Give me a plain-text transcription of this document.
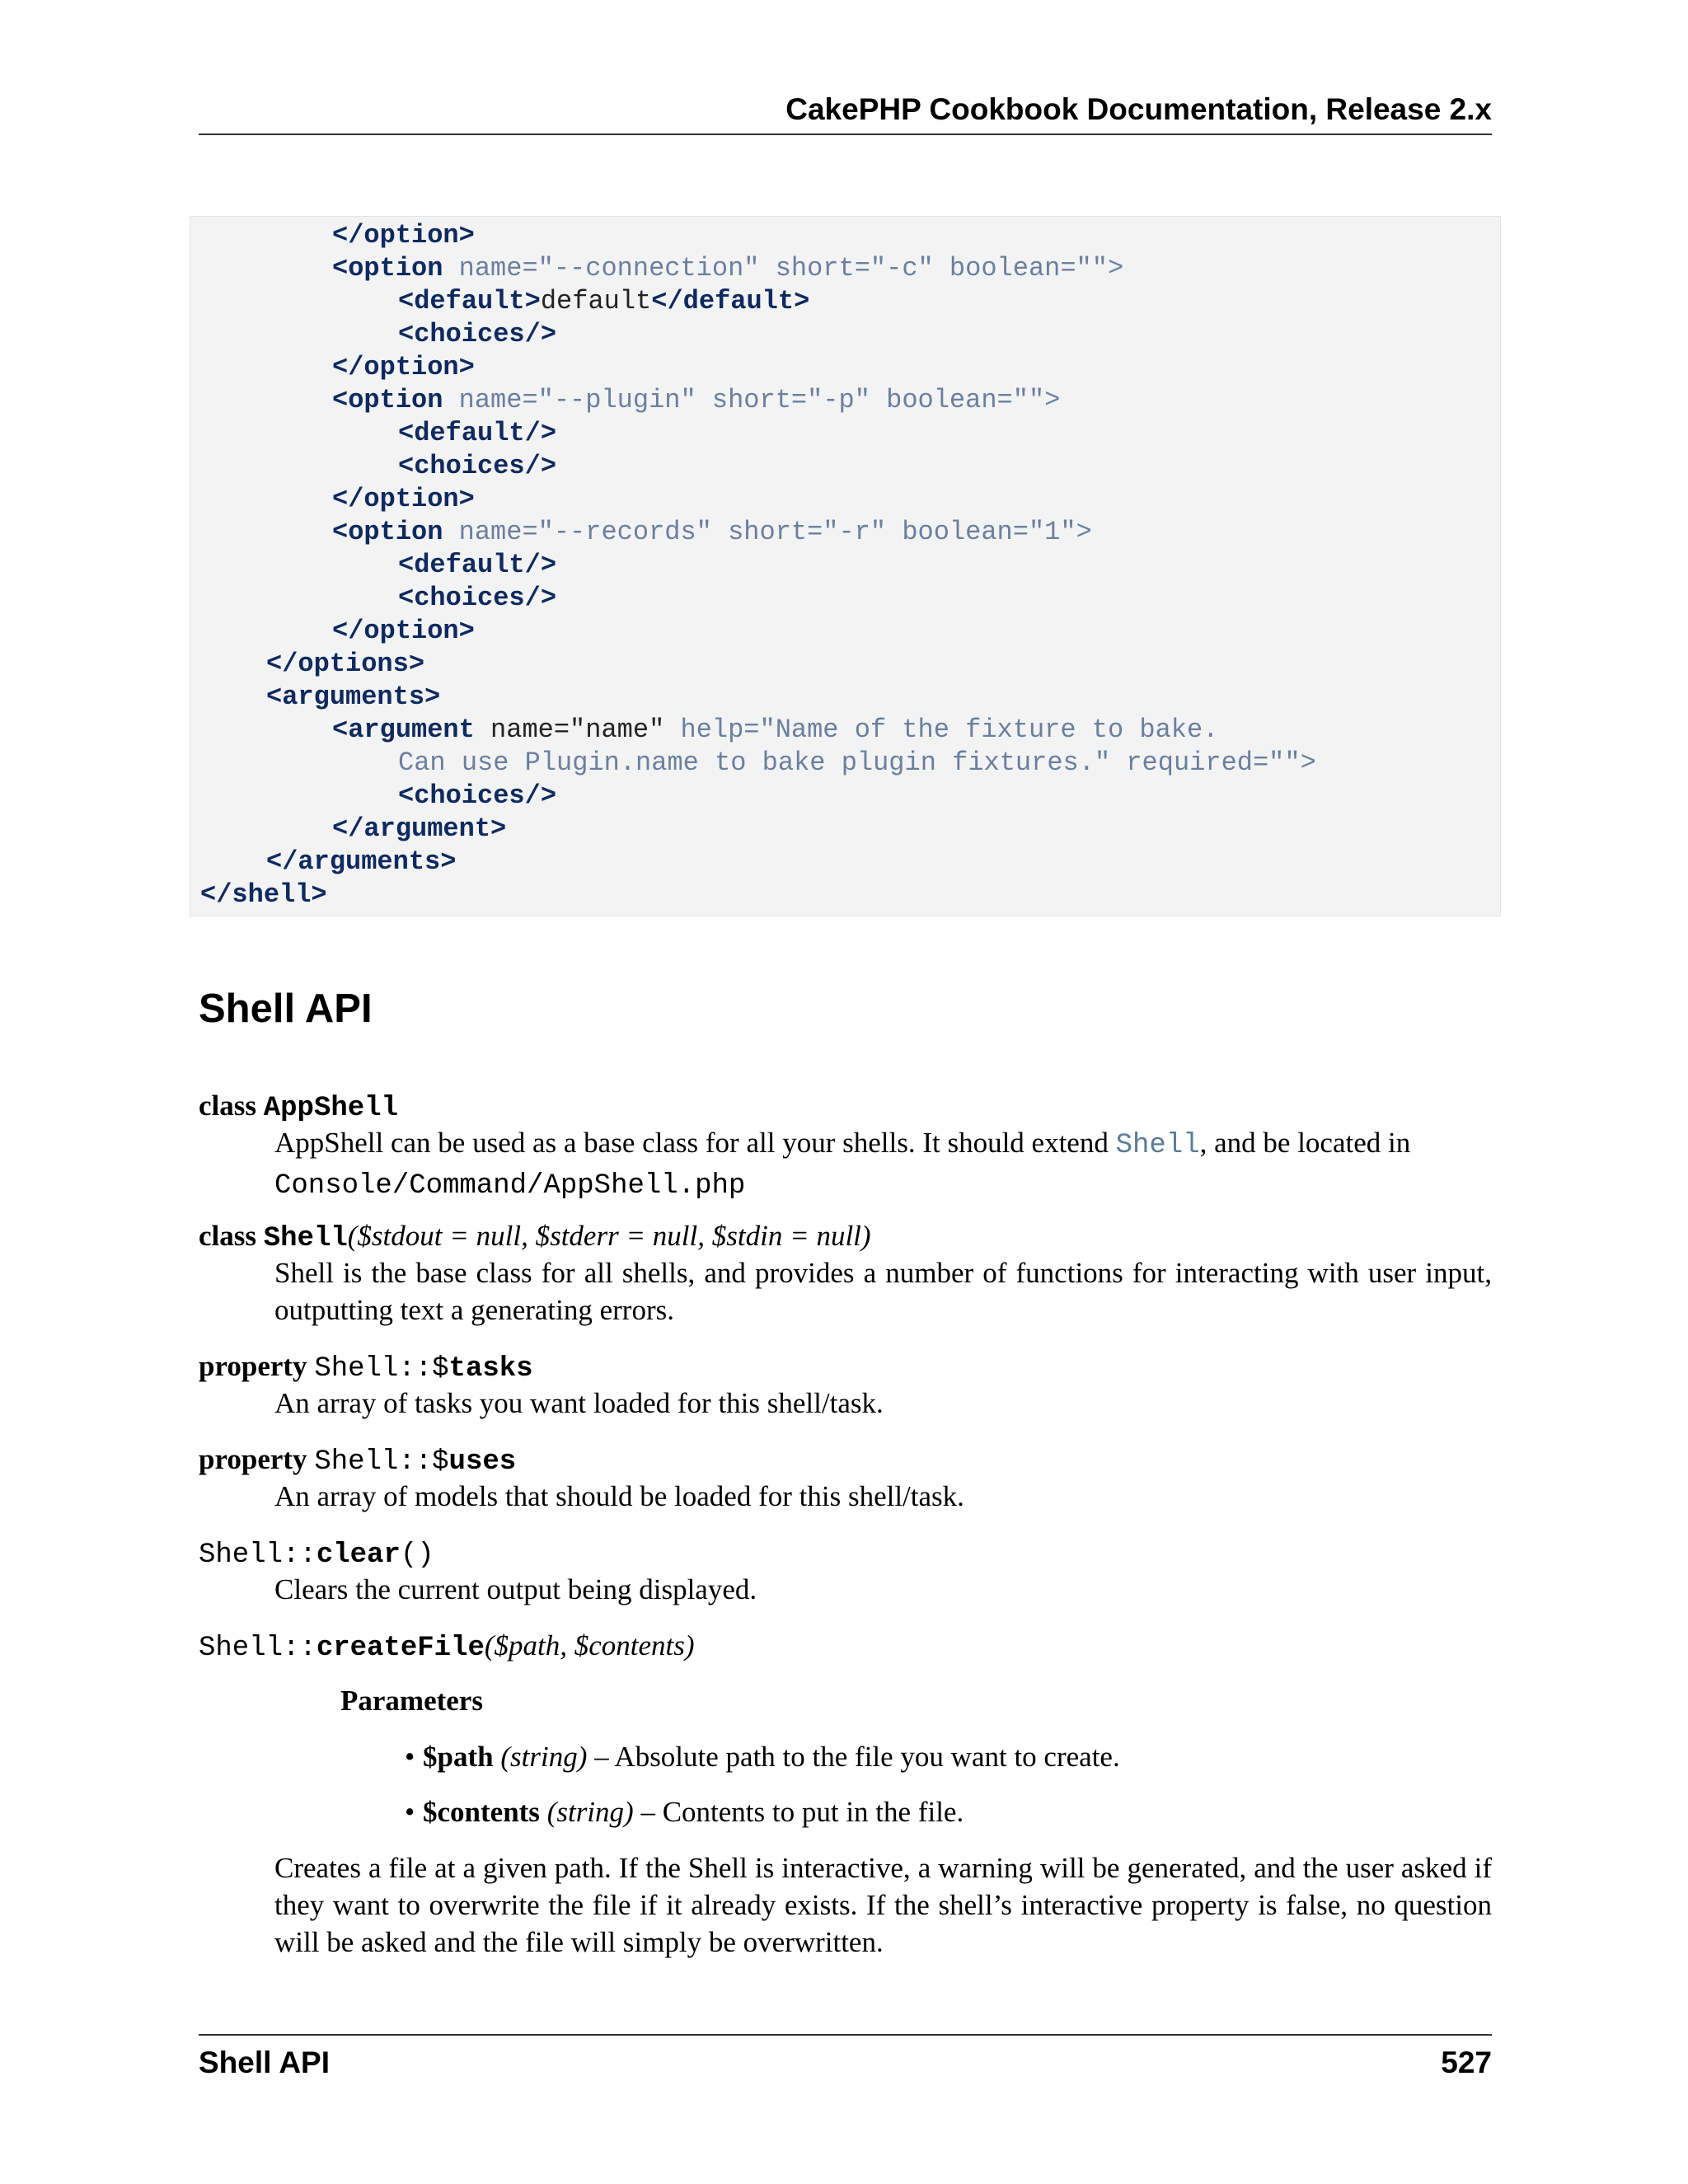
CakePHP Cookbook Documentation, Release 2.x
</option>
<option name="--connection" short="-c" boolean="">
<default>default</default>
<choices/>
</option>
<option name="--plugin" short="-p" boolean="">
<default/>
<choices/>
</option>
<option name="--records" short="-r" boolean="1">
<default/>
<choices/>
</option>
</options>
<arguments>
<argument name="name" help="Name of the fixture to bake.
Can use Plugin.name to bake plugin fixtures." required="">
<choices/>
</argument>
</arguments>
</shell>
Shell API
class AppShell
AppShell can be used as a base class for all your shells. It should extend Shell, and be located in
Console/Command/AppShell.php
class Shell($stdout = null, $stderr = null, $stdin = null)
Shell is the base class for all shells, and provides a number of functions for interacting with user input, outputting text a generating errors.
property Shell::$tasks
An array of tasks you want loaded for this shell/task.
property Shell::$uses
An array of models that should be loaded for this shell/task.
Shell::clear()
Clears the current output being displayed.
Shell::createFile($path, $contents)
Parameters
• $path (string) – Absolute path to the file you want to create.
• $contents (string) – Contents to put in the file.
Creates a file at a given path. If the Shell is interactive, a warning will be generated, and the user asked if they want to overwrite the file if it already exists. If the shell’s interactive property is false, no question will be asked and the file will simply be overwritten.
Shell API	527
